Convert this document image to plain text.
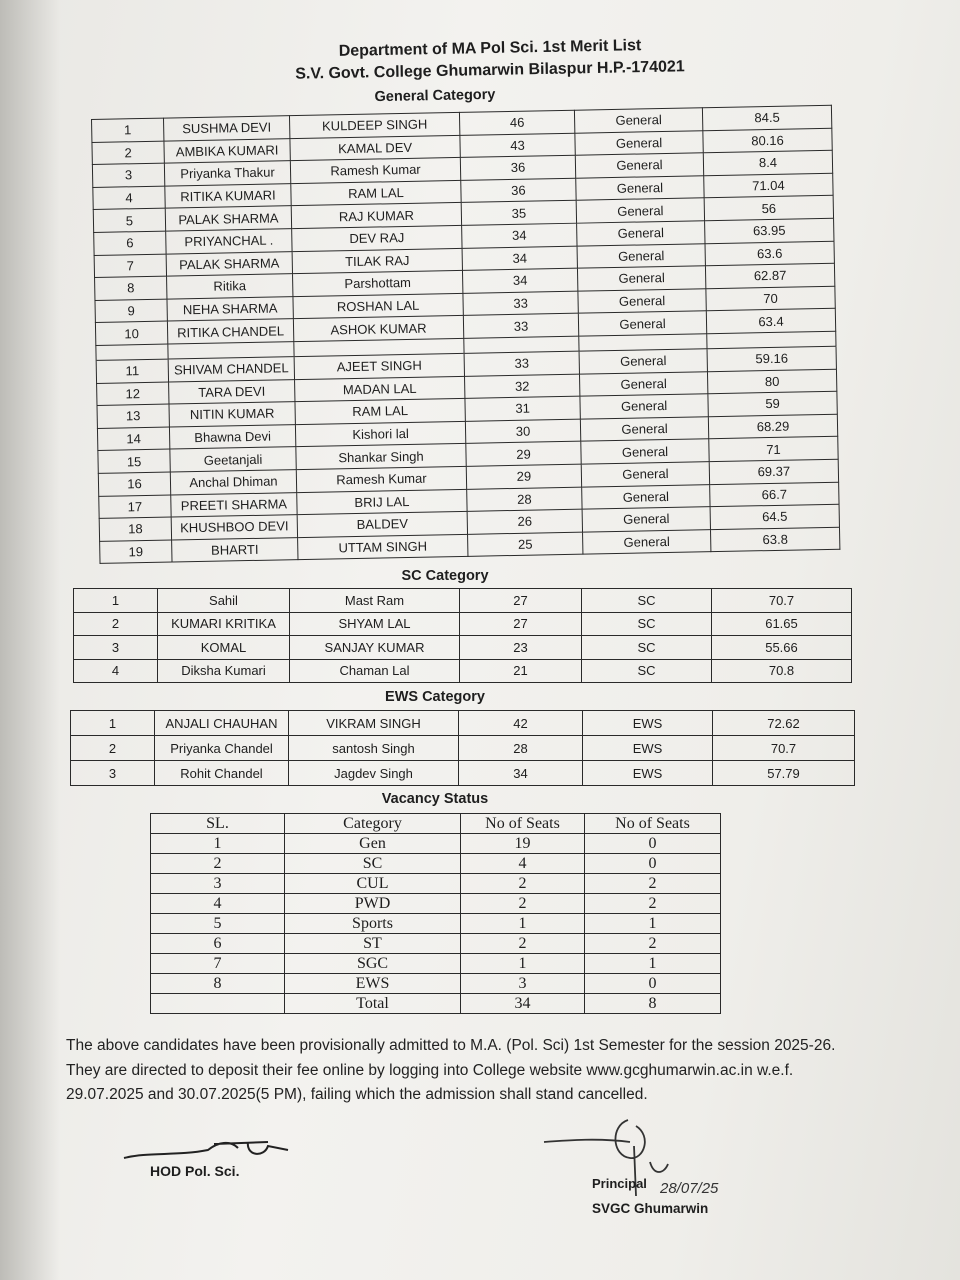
Department of MA Pol Sci. 1st Merit List
S.V. Govt. College Ghumarwin Bilaspur H.P.-174021
General Category
1	SUSHMA DEVI	KULDEEP SINGH	46	General	84.5
2	AMBIKA KUMARI	KAMAL DEV	43	General	80.16
3	Priyanka Thakur	Ramesh Kumar	36	General	8.4
4	RITIKA KUMARI	RAM LAL	36	General	71.04
5	PALAK SHARMA	RAJ KUMAR	35	General	56
6	PRIYANCHAL .	DEV RAJ	34	General	63.95
7	PALAK SHARMA	TILAK RAJ	34	General	63.6
8	Ritika	Parshottam	34	General	62.87
9	NEHA SHARMA	ROSHAN LAL	33	General	70
10	RITIKA CHANDEL	ASHOK KUMAR	33	General	63.4

11	SHIVAM CHANDEL	AJEET SINGH	33	General	59.16
12	TARA DEVI	MADAN LAL	32	General	80
13	NITIN KUMAR	RAM LAL	31	General	59
14	Bhawna Devi	Kishori lal	30	General	68.29
15	Geetanjali	Shankar Singh	29	General	71
16	Anchal Dhiman	Ramesh Kumar	29	General	69.37
17	PREETI SHARMA	BRIJ LAL	28	General	66.7
18	KHUSHBOO DEVI	BALDEV	26	General	64.5
19	BHARTI	UTTAM SINGH	25	General	63.8
SC Category
1	Sahil	Mast Ram	27	SC	70.7
2	KUMARI KRITIKA	SHYAM LAL	27	SC	61.65
3	KOMAL	SANJAY KUMAR	23	SC	55.66
4	Diksha Kumari	Chaman Lal	21	SC	70.8
EWS Category
1	ANJALI CHAUHAN	VIKRAM SINGH	42	EWS	72.62
2	Priyanka Chandel	santosh Singh	28	EWS	70.7
3	Rohit Chandel	Jagdev Singh	34	EWS	57.79
Vacancy Status
SL.	Category	No of Seats	No of Seats
1	Gen	19	0
2	SC	4	0
3	CUL	2	2
4	PWD	2	2
5	Sports	1	1
6	ST	2	2
7	SGC	1	1
8	EWS	3	0
	Total	34	8
The above candidates have been provisionally admitted to M.A. (Pol. Sci) 1st Semester for the session 2025-26. They are directed to deposit their fee online by logging into College website www.gcghumarwin.ac.in w.e.f. 29.07.2025 and 30.07.2025(5 PM), failing which the admission shall stand cancelled.
HOD Pol. Sci.
Principal 28/07/25
SVGC Ghumarwin
